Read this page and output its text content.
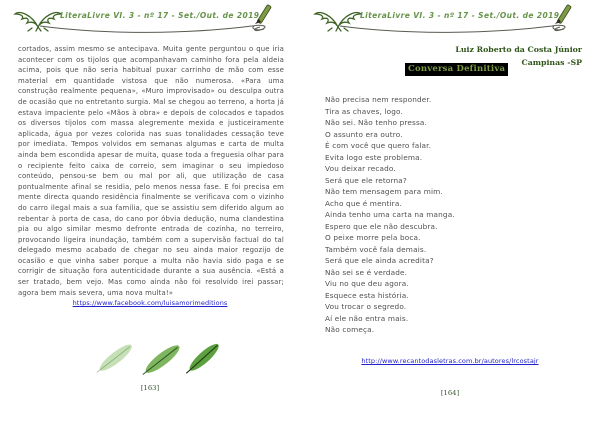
LiteraLivre VI. 3 - nº 17 - Set./Out. de 2019
cortados, assim mesmo se antecipava. Muita gente perguntou o que iria acontecer com os tijolos que acompanhavam caminho fora pela aldeia acima, pois que não seria habitual puxar carrinho de mão com esse material em quantidade vistosa que não numerosa. «Para uma construção realmente pequena», «Muro improvisado» ou desculpa outra de ocasião que no entretanto surgia. Mal se chegou ao terreno, a horta já estava impaciente pelo «Mãos à obra» e depois de colocados e tapados os diversos tijolos com massa alegremente mexida e justiceiramente aplicada, água por vezes colorida nas suas tonalidades cessação teve por imediata. Tempos volvidos em semanas algumas e carta de multa ainda bem escondida apesar de muita, quase toda a freguesia olhar para o recipiente feito caixa de correio, sem imaginar o seu impiedoso conteúdo, pensou-se bem ou mal por ali, que utilização de casa pontualmente afinal se residia, pelo menos nessa fase. E foi precisa em mente directa quando residência finalmente se verificava com o vizinho do carro ilegal mais a sua família, que se assistiu sem diferido algum ao rebentar à porta de casa, do cano por óbvia dedução, numa clandestina pia ou algo similar mesmo defronte entrada de cozinha, no terreiro, provocando ligeira inundação, também com a supervisão factual do tal delegado mesmo acabado de chegar no seu ainda maior regozijo de ocasião e que vinha saber porque a multa não havia sido paga e se corrigir de situação fora autenticidade durante a sua ausência. «Está a ser tratado, bem vejo. Mas como ainda não foi resolvido irei passar; agora bem mais severa, uma nova multa!»
https://www.facebook.com/luisamorimeditions
[163]
LiteraLivre VI. 3 - nº 17 - Set./Out. de 2019
Luiz Roberto da Costa Júnior
Campinas -SP
Conversa Definitiva
Não precisa nem responder.
Tira as chaves, logo.
Não sei. Não tenho pressa.
O assunto era outro.
É com você que quero falar.
Evita logo este problema.
Vou deixar recado.
Será que ele retorna?
Não tem mensagem para mim.
Acho que é mentira.
Ainda tenho uma carta na manga.
Espero que ele não descubra.
O peixe morre pela boca.
Também você fala demais.
Será que ele ainda acredita?
Não sei se é verdade.
Viu no que deu agora.
Esquece esta história.
Vou trocar o segredo.
Aí ele não entra mais.
Não começa.
http://www.recantodasletras.com.br/autores/lrcostajr
[164]
